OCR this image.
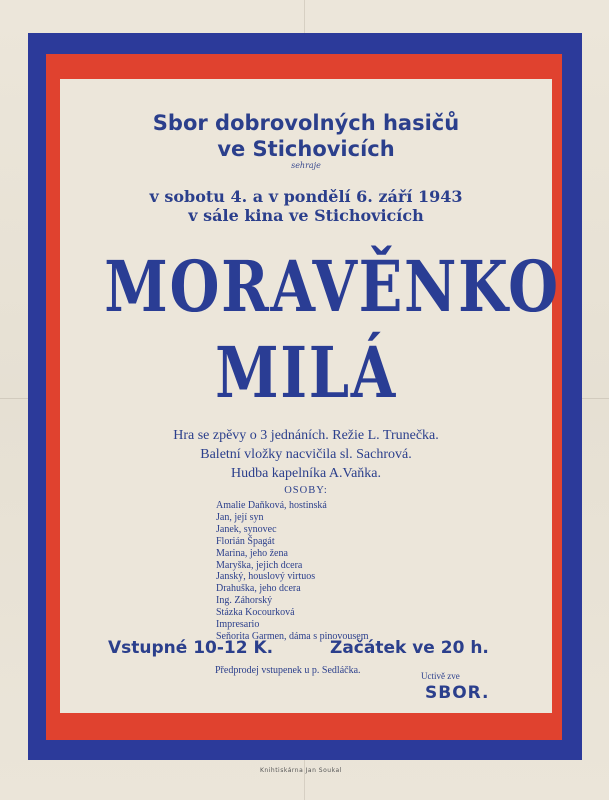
Sbor dobrovolných hasičů
ve Stichovicích
sehraje
v sobotu 4. a v pondělí 6. září 1943
v sále kina ve Stichovicích
MORAVĚNKO
MILÁ
Hra se zpěvy o 3 jednáních. Režie L. Trunečka.
Baletní vložky nacvičila sl. Sachrová.
Hudba kapelníka A.Vaňka.
OSOBY:
Amalie Daňková, hostinská
Jan, její syn
Janek, synovec
Florián Špagát
Marina, jeho žena
Maryška, jejich dcera
Janský, houslový virtuos
Drahuška, jeho dcera
Ing. Záhorský
Stázka Kocourková
Impresario
Seňorita Garmen, dáma s pinovousem
Vstupné 10-12 K.	Začátek ve 20 h.
Předprodej vstupenek u p. Sedláčka.	Uctivě zve
SBOR.
Knihtiskárna Jan Soukal
